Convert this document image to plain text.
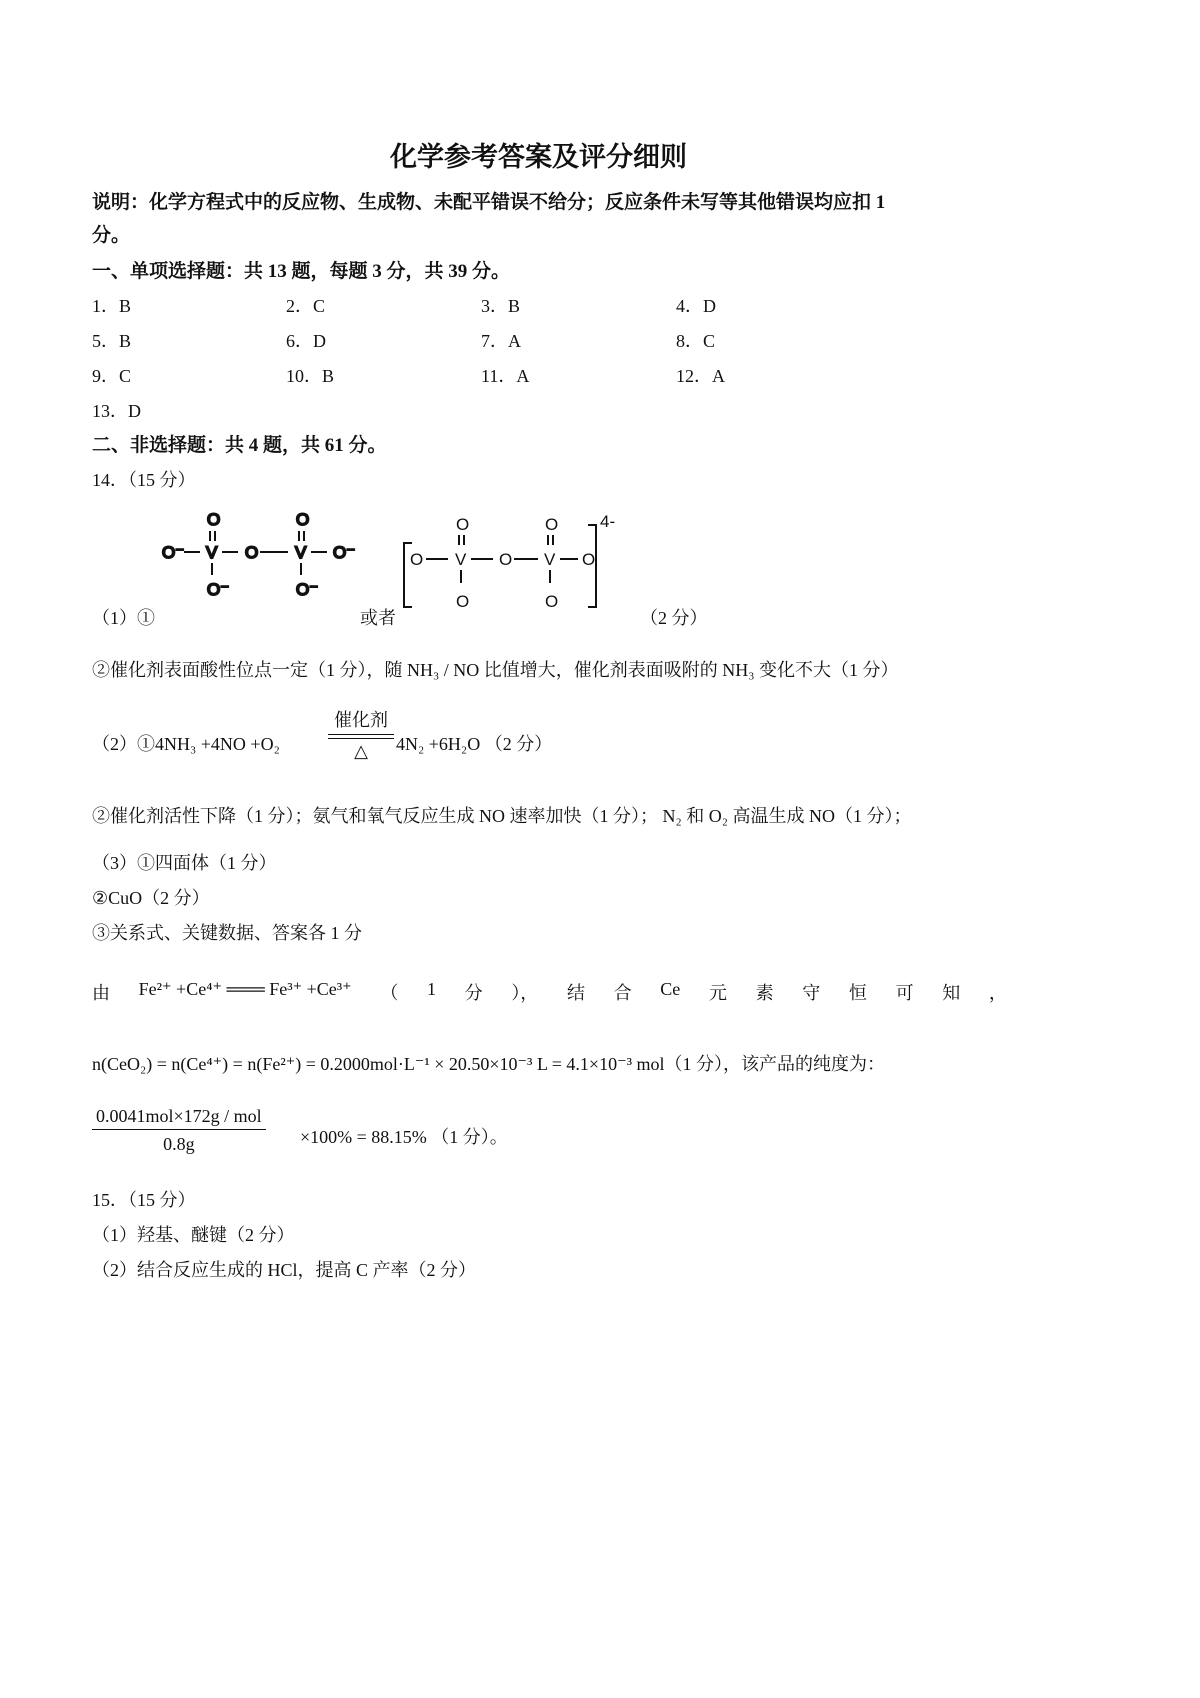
化学参考答案及评分细则
说明：化学方程式中的反应物、生成物、未配平错误不给分；反应条件未写等其他错误均应扣 1
分。
一、单项选择题：共 13 题，每题 3 分，共 39 分。
1．B	2．C	3．B	4．D
5．B	6．D	7．A	8．C
9．C	10．B	11．A	12．A
13．D
二、非选择题：共 4 题，共 61 分。
14．（15 分）
O	O
O⁻ V O V O⁻
O⁻	O⁻
4-
O	O
O V O V O
O	O
（1）①	或者	（2 分）
②催化剂表面酸性位点一定（1 分），随 NH₃ / NO 比值增大，催化剂表面吸附的 NH₃ 变化不大（1 分）
（2）①4NH₃ +4NO +O₂
催化剂
△	4N₂ +6H₂O （2 分）
②催化剂活性下降（1 分）；氨气和氧气反应生成 NO 速率加快（1 分）； N₂ 和 O₂ 高温生成 NO（1 分）；
（3）①四面体（1 分）
②CuO（2 分）
③关系式、关键数据、答案各 1 分
由 Fe²⁺ +Ce⁴⁺ ═══ Fe³⁺ +Ce³⁺ （ 1 分 ）， 结 合 Ce 元 素 守 恒 可 知 ，
n(CeO₂) = n(Ce⁴⁺) = n(Fe²⁺) = 0.2000mol·L⁻¹ × 20.50×10⁻³ L = 4.1×10⁻³ mol（1 分），该产品的纯度为：
0.0041mol×172g / mol
0.8g	×100% = 88.15% （1 分）。
15．（15 分）
（1）羟基、醚键（2 分）
（2）结合反应生成的 HCl，提高 C 产率（2 分）
